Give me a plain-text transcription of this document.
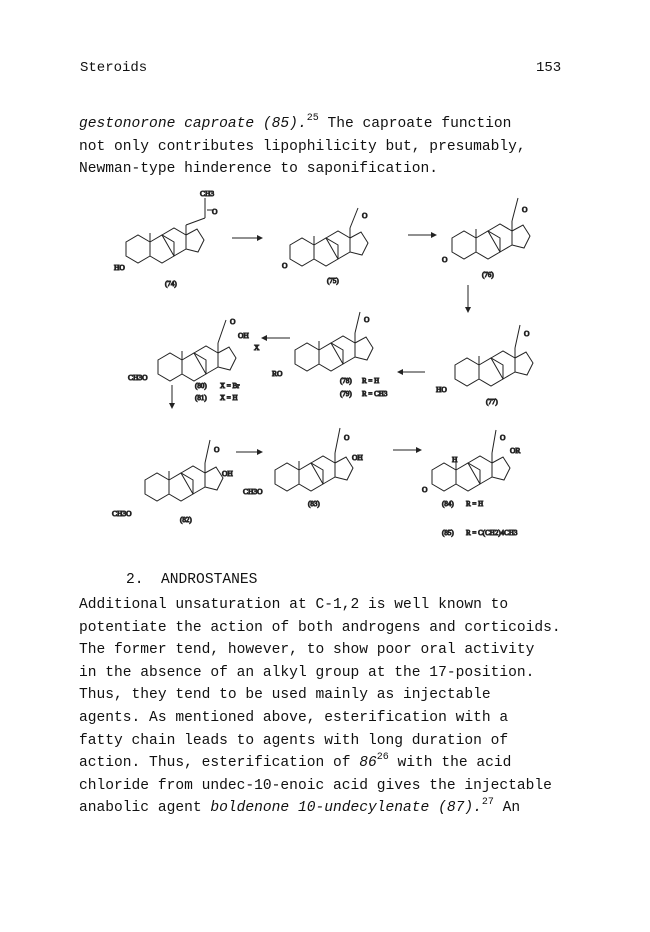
Steroids	153
gestonorone caproate (85).$^{25}$ The caproate function
not only contributes lipophilicity but, presumably,
Newman-type hinderence to saponification.
CH3
O
HO
(74)
O
O
(75)
O
O
(76)
O
OH
X
CH3O
(80) X = Br
(81) X = H
O
RO
(78) R = H
(79) R = CH3
O
HO
(77)
O
OH
CH3O
(82)
O
OH
CH3O
(83)
O
OR
H
O
(84) R = H
(85) R = C(CH2)4CH3
2. ANDROSTANES
Additional unsaturation at C-1,2 is well known to
potentiate the action of both androgens and corticoids.
The former tend, however, to show poor oral activity
in the absence of an alkyl group at the 17-position.
Thus, they tend to be used mainly as injectable
agents. As mentioned above, esterification with a
fatty chain leads to agents with long duration of
action. Thus, esterification of $86^{26}$ with the acid
chloride from undec-10-enoic acid gives the injectable
anabolic agent boldenone 10-undecylenate (87).$^{27}$ An
